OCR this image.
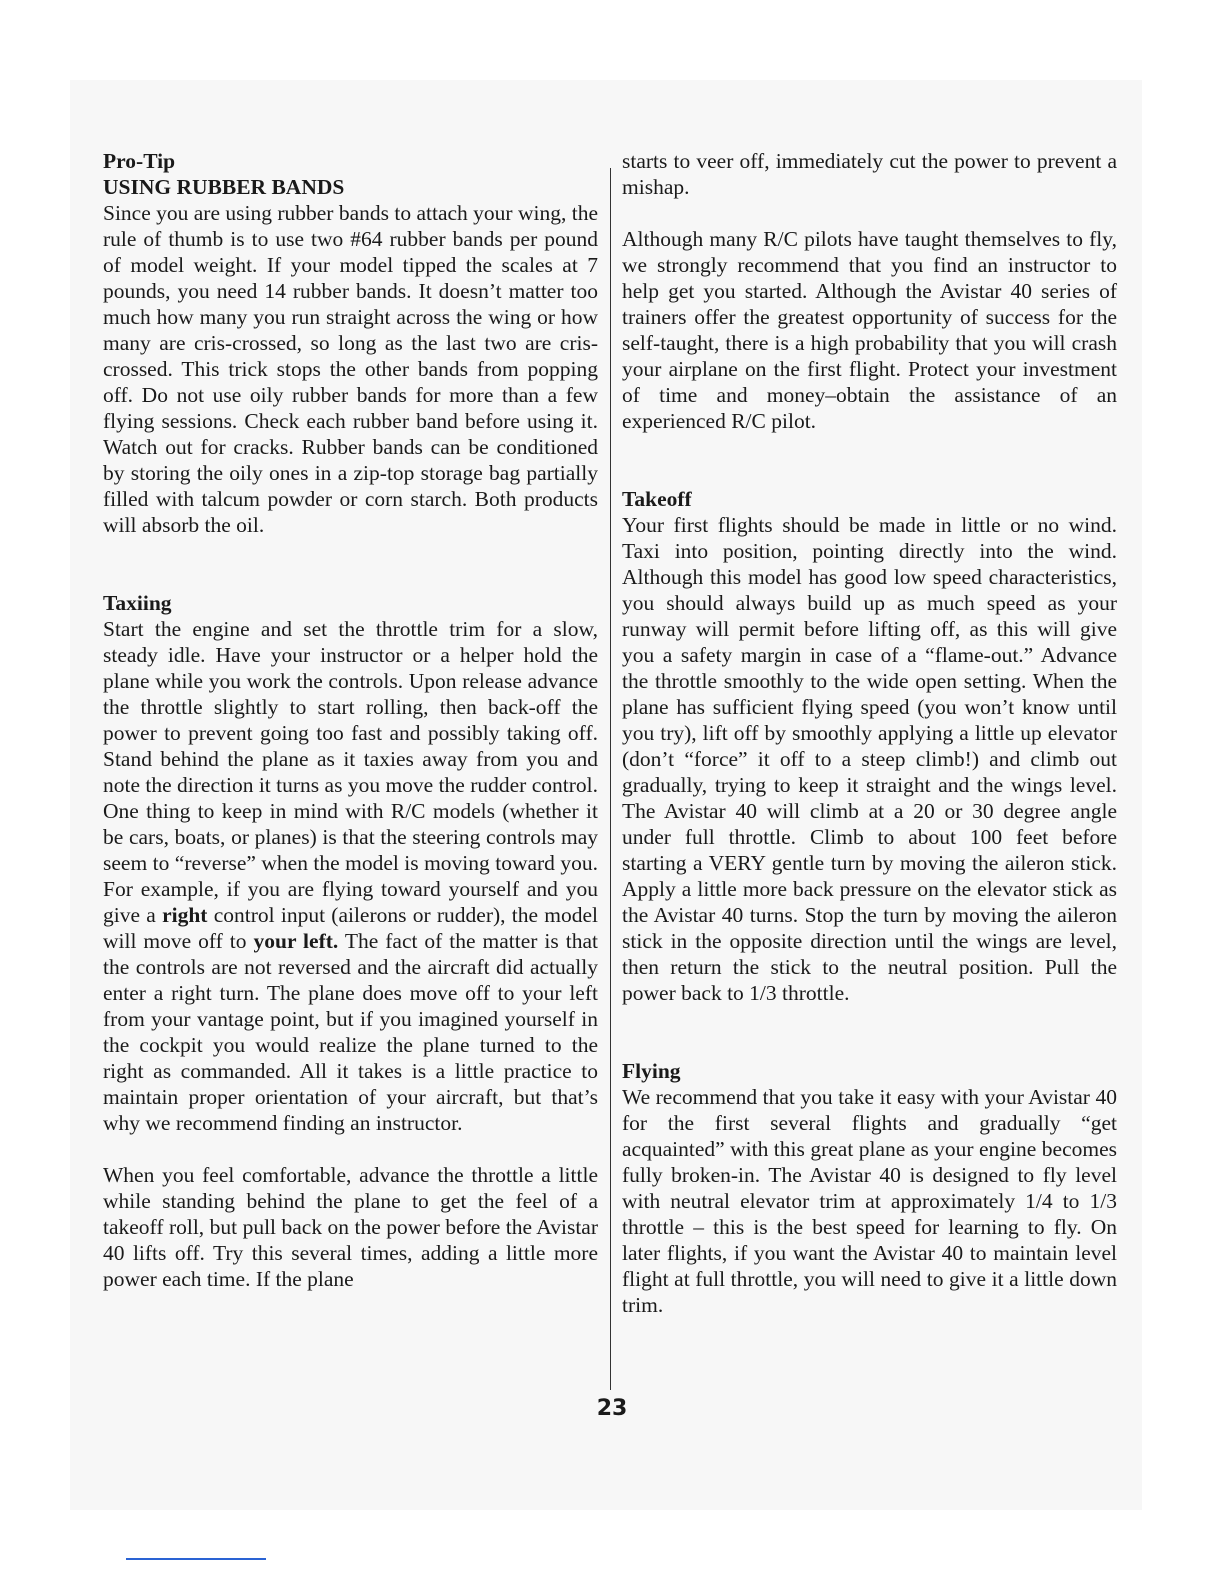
Pro-Tip

USING RUBBER BANDS

Since you are using rubber bands to attach your wing, the rule of thumb is to use two #64 rubber bands per pound of model weight. If your model tipped the scales at 7 pounds, you need 14 rubber bands. It doesn’t matter too much how many you run straight across the wing or how many are cris-crossed, so long as the last two are cris-crossed. This trick stops the other bands from popping off. Do not use oily rubber bands for more than a few flying sessions. Check each rubber band before using it. Watch out for cracks. Rubber bands can be conditioned by storing the oily ones in a zip-top storage bag partially filled with talcum powder or corn starch. Both products will absorb the oil.

Taxiing

Start the engine and set the throttle trim for a slow, steady idle. Have your instructor or a helper hold the plane while you work the controls. Upon release advance the throttle slightly to start rolling, then back-off the power to prevent going too fast and possibly taking off. Stand behind the plane as it taxies away from you and note the direction it turns as you move the rudder control. One thing to keep in mind with R/C models (whether it be cars, boats, or planes) is that the steering controls may seem to “reverse” when the model is moving toward you. For example, if you are flying toward yourself and you give a right control input (ailerons or rudder), the model will move off to your left. The fact of the matter is that the controls are not reversed and the aircraft did actually enter a right turn. The plane does move off to your left from your vantage point, but if you imagined yourself in the cockpit you would realize the plane turned to the right as commanded. All it takes is a little practice to maintain proper orientation of your aircraft, but that’s why we recommend finding an instructor.

When you feel comfortable, advance the throttle a little while standing behind the plane to get the feel of a takeoff roll, but pull back on the power before the Avistar 40 lifts off. Try this several times, adding a little more power each time. If the plane

starts to veer off, immediately cut the power to prevent a mishap.

Although many R/C pilots have taught themselves to fly, we strongly recommend that you find an instructor to help get you started. Although the Avistar 40 series of trainers offer the greatest opportunity of success for the self-taught, there is a high probability that you will crash your airplane on the first flight. Protect your investment of time and money–obtain the assistance of an experienced R/C pilot.

Takeoff

Your first flights should be made in little or no wind. Taxi into position, pointing directly into the wind. Although this model has good low speed characteristics, you should always build up as much speed as your runway will permit before lifting off, as this will give you a safety margin in case of a “flame-out.” Advance the throttle smoothly to the wide open setting. When the plane has sufficient flying speed (you won’t know until you try), lift off by smoothly applying a little up elevator (don’t “force” it off to a steep climb!) and climb out gradually, trying to keep it straight and the wings level. The Avistar 40 will climb at a 20 or 30 degree angle under full throttle. Climb to about 100 feet before starting a VERY gentle turn by moving the aileron stick. Apply a little more back pressure on the elevator stick as the Avistar 40 turns. Stop the turn by moving the aileron stick in the opposite direction until the wings are level, then return the stick to the neutral position. Pull the power back to 1/3 throttle.

Flying

We recommend that you take it easy with your Avistar 40 for the first several flights and gradually “get acquainted” with this great plane as your engine becomes fully broken-in. The Avistar 40 is designed to fly level with neutral elevator trim at approximately 1/4 to 1/3 throttle – this is the best speed for learning to fly. On later flights, if you want the Avistar 40 to maintain level flight at full throttle, you will need to give it a little down trim.

23
